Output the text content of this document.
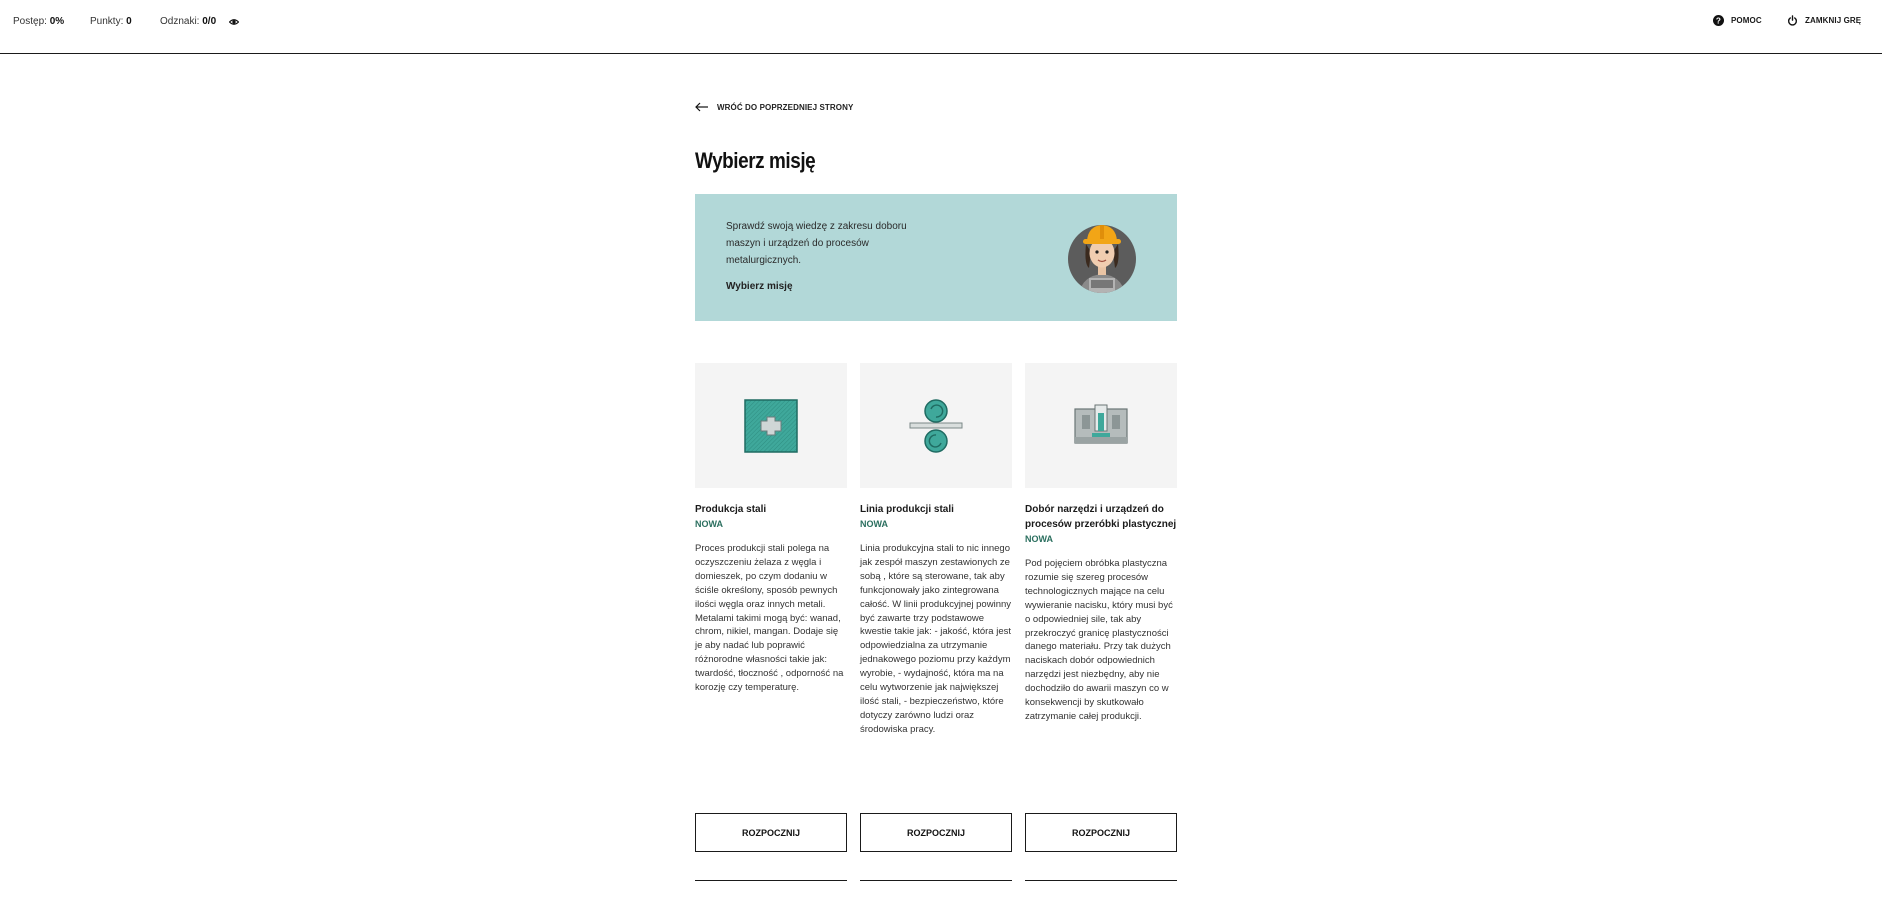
Postęp: 0%	Punkty: 0	Odznaki: 0/0	? POMOC	ZAMKNIJ GRĘ
WRÓĆ DO POPRZEDNIEJ STRONY
Wybierz misję
Sprawdź swoją wiedzę z zakresu doboru maszyn i urządzeń do procesów metalurgicznych.
Wybierz misję
Produkcja stali
NOWA
Proces produkcji stali polega na oczyszczeniu żelaza z węgla i domieszek, po czym dodaniu w ściśle określony, sposób pewnych ilości węgla oraz innych metali. Metalami takimi mogą być: wanad, chrom, nikiel, mangan. Dodaje się je aby nadać lub poprawić różnorodne własności takie jak: twardość, tłoczność , odporność na korozję czy temperaturę.
Linia produkcji stali
NOWA
Linia produkcyjna stali to nic innego jak zespół maszyn zestawionych ze sobą , które są sterowane, tak aby funkcjonowały jako zintegrowana całość. W linii produkcyjnej powinny być zawarte trzy podstawowe kwestie takie jak: - jakość, która jest odpowiedzialna za utrzymanie jednakowego poziomu przy każdym wyrobie, - wydajność, która ma na celu wytworzenie jak największej ilość stali, - bezpieczeństwo, które dotyczy zarówno ludzi oraz środowiska pracy.
Dobór narzędzi i urządzeń do procesów przeróbki plastycznej
NOWA
Pod pojęciem obróbka plastyczna rozumie się szereg procesów technologicznych mające na celu wywieranie nacisku, który musi być o odpowiedniej sile, tak aby przekroczyć granicę plastyczności danego materiału. Przy tak dużych naciskach dobór odpowiednich narzędzi jest niezbędny, aby nie dochodziło do awarii maszyn co w konsekwencji by skutkowało zatrzymanie całej produkcji.
ROZPOCZNIJ	ROZPOCZNIJ	ROZPOCZNIJ
